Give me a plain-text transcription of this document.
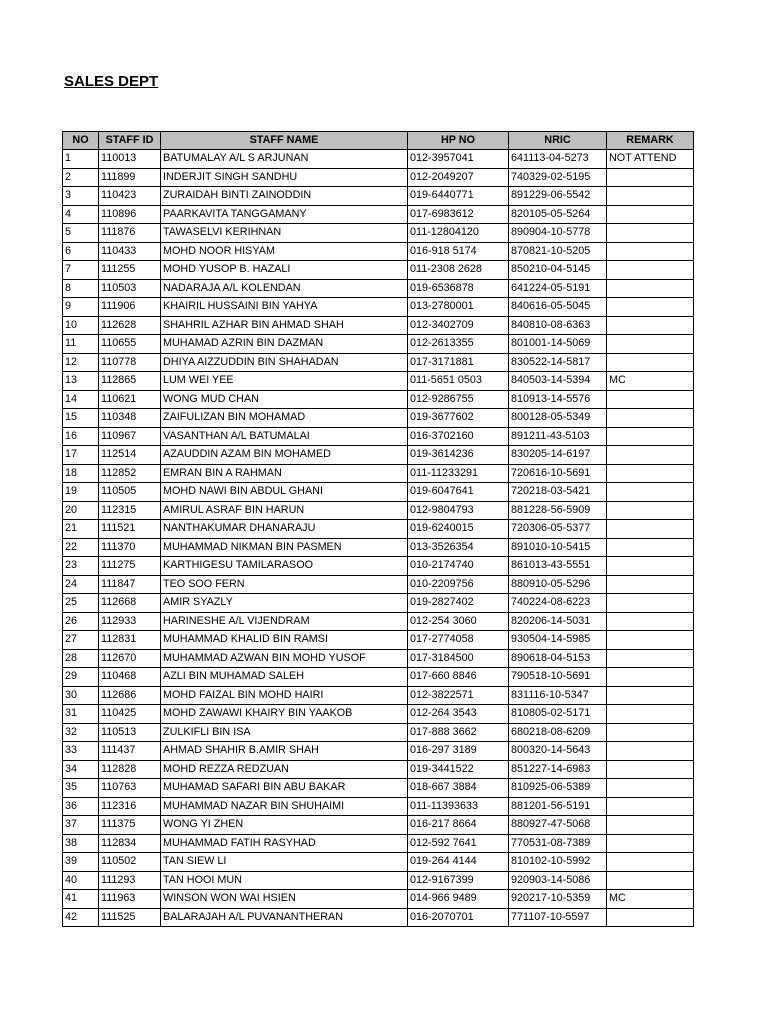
SALES DEPT
NO	STAFF ID	STAFF NAME	HP NO	NRIC	REMARK
1	110013	BATUMALAY A/L S ARJUNAN	012-3957041	641113-04-5273	NOT ATTEND
2	111899	INDERJIT SINGH SANDHU	012-2049207	740329-02-5195	
3	110423	ZURAIDAH BINTI ZAINODDIN	019-6440771	891229-06-5542	
4	110896	PAARKAVITA TANGGAMANY	017-6983612	820105-05-5264	
5	111876	TAWASELVI KERIHNAN	011-12804120	890904-10-5778	
6	110433	MOHD NOOR HISYAM	016-918 5174	870821-10-5205	
7	111255	MOHD YUSOP B. HAZALI	011-2308 2628	850210-04-5145	
8	110503	NADARAJA A/L KOLENDAN	019-6536878	641224-05-5191	
9	111906	KHAIRIL HUSSAINI BIN YAHYA	013-2780001	840616-05-5045	
10	112628	SHAHRIL AZHAR BIN AHMAD SHAH	012-3402709	840810-08-6363	
11	110655	MUHAMAD AZRIN BIN DAZMAN	012-2613355	801001-14-5069	
12	110778	DHIYA AIZZUDDIN BIN SHAHADAN	017-3171881	830522-14-5817	
13	112865	LUM WEI YEE	011-5651 0503	840503-14-5394	MC
14	110621	WONG MUD CHAN	012-9286755	810913-14-5576	
15	110348	ZAIFULIZAN BIN MOHAMAD	019-3677602	800128-05-5349	
16	110967	VASANTHAN A/L BATUMALAI	016-3702160	891211-43-5103	
17	112514	AZAUDDIN AZAM BIN MOHAMED	019-3614236	830205-14-6197	
18	112852	EMRAN BIN A RAHMAN	011-11233291	720616-10-5691	
19	110505	MOHD NAWI BIN ABDUL GHANI	019-6047641	720218-03-5421	
20	112315	AMIRUL ASRAF BIN HARUN	012-9804793	881228-56-5909	
21	111521	NANTHAKUMAR DHANARAJU	019-6240015	720306-05-5377	
22	111370	MUHAMMAD NIKMAN BIN PASMEN	013-3526354	891010-10-5415	
23	111275	KARTHIGESU TAMILARASOO	010-2174740	861013-43-5551	
24	111847	TEO SOO FERN	010-2209756	880910-05-5296	
25	112668	AMIR SYAZLY	019-2827402	740224-08-6223	
26	112933	HARINESHE A/L VIJENDRAM	012-254 3060	820206-14-5031	
27	112831	MUHAMMAD KHALID BIN RAMSI	017-2774058	930504-14-5985	
28	112670	MUHAMMAD AZWAN BIN MOHD YUSOF	017-3184500	890618-04-5153	
29	110468	AZLI BIN MUHAMAD SALEH	017-660 8846	790518-10-5691	
30	112686	MOHD FAIZAL BIN MOHD HAIRI	012-3822571	831116-10-5347	
31	110425	MOHD ZAWAWI KHAIRY BIN YAAKOB	012-264 3543	810805-02-5171	
32	110513	ZULKIFLI BIN ISA	017-888 3662	680218-08-6209	
33	111437	AHMAD SHAHIR B.AMIR SHAH	016-297 3189	800320-14-5643	
34	112828	MOHD REZZA REDZUAN	019-3441522	851227-14-6983	
35	110763	MUHAMAD SAFARI BIN ABU BAKAR	018-667 3884	810925-06-5389	
36	112316	MUHAMMAD NAZAR BIN SHUHAIMI	011-11393633	881201-56-5191	
37	111375	WONG YI ZHEN	016-217 8664	880927-47-5068	
38	112834	MUHAMMAD FATIH RASYHAD	012-592 7641	770531-08-7389	
39	110502	TAN SIEW LI	019-264 4144	810102-10-5992	
40	111293	TAN HOOI MUN	012-9167399	920903-14-5086	
41	111963	WINSON WON WAI HSIEN	014-966 9489	920217-10-5359	MC
42	111525	BALARAJAH A/L PUVANANTHERAN	016-2070701	771107-10-5597	
